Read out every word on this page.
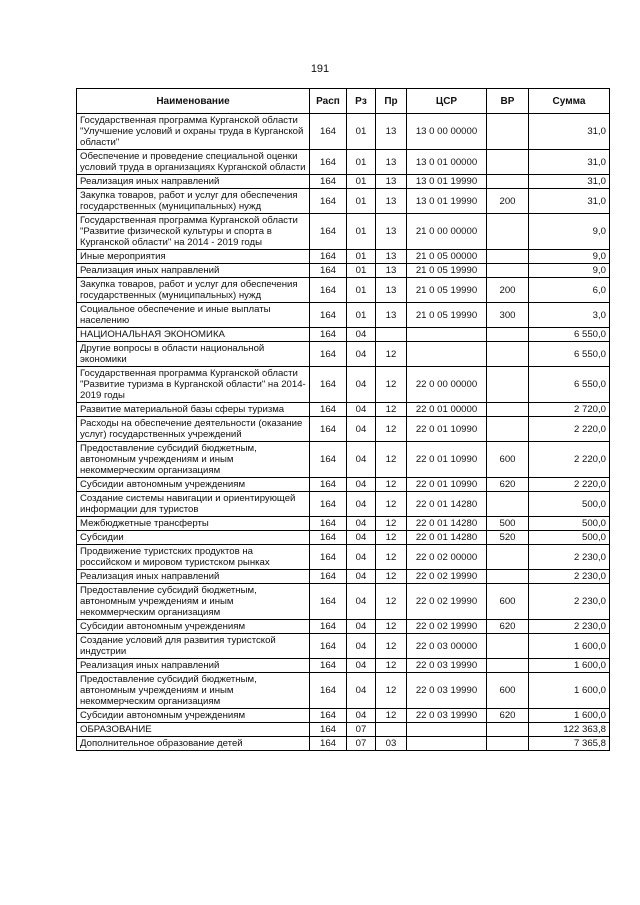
191
Наименование	Расп	Рз	Пр	ЦСР	ВР	Сумма
Государственная программа Курганской области "Улучшение условий и охраны труда в Курганской области"	164	01	13	13 0 00 00000		31,0
Обеспечение и проведение специальной оценки условий труда в организациях Курганской области	164	01	13	13 0 01 00000		31,0
Реализация иных направлений	164	01	13	13 0 01 19990		31,0
Закупка товаров, работ и услуг для обеспечения государственных (муниципальных) нужд	164	01	13	13 0 01 19990	200	31,0
Государственная программа Курганской области "Развитие физической культуры и спорта в Курганской области" на 2014 - 2019 годы	164	01	13	21 0 00 00000		9,0
Иные мероприятия	164	01	13	21 0 05 00000		9,0
Реализация иных направлений	164	01	13	21 0 05 19990		9,0
Закупка товаров, работ и услуг для обеспечения государственных (муниципальных) нужд	164	01	13	21 0 05 19990	200	6,0
Социальное обеспечение и иные выплаты населению	164	01	13	21 0 05 19990	300	3,0
НАЦИОНАЛЬНАЯ ЭКОНОМИКА	164	04				6 550,0
Другие вопросы в области национальной экономики	164	04	12			6 550,0
Государственная программа Курганской области "Развитие туризма в Курганской области" на 2014-2019 годы	164	04	12	22 0 00 00000		6 550,0
Развитие материальной базы сферы туризма	164	04	12	22 0 01 00000		2 720,0
Расходы на обеспечение деятельности (оказание услуг) государственных учреждений	164	04	12	22 0 01 10990		2 220,0
Предоставление субсидий бюджетным, автономным учреждениям и иным некоммерческим организациям	164	04	12	22 0 01 10990	600	2 220,0
Субсидии автономным учреждениям	164	04	12	22 0 01 10990	620	2 220,0
Создание системы навигации и ориентирующей информации для туристов	164	04	12	22 0 01 14280		500,0
Межбюджетные трансферты	164	04	12	22 0 01 14280	500	500,0
Субсидии	164	04	12	22 0 01 14280	520	500,0
Продвижение туристских продуктов на российском и мировом туристском рынках	164	04	12	22 0 02 00000		2 230,0
Реализация иных направлений	164	04	12	22 0 02 19990		2 230,0
Предоставление субсидий бюджетным, автономным учреждениям и иным некоммерческим организациям	164	04	12	22 0 02 19990	600	2 230,0
Субсидии автономным учреждениям	164	04	12	22 0 02 19990	620	2 230,0
Создание условий для развития туристской индустрии	164	04	12	22 0 03 00000		1 600,0
Реализация иных направлений	164	04	12	22 0 03 19990		1 600,0
Предоставление субсидий бюджетным, автономным учреждениям и иным некоммерческим организациям	164	04	12	22 0 03 19990	600	1 600,0
Субсидии автономным учреждениям	164	04	12	22 0 03 19990	620	1 600,0
ОБРАЗОВАНИЕ	164	07				122 363,8
Дополнительное образование детей	164	07	03			7 365,8
